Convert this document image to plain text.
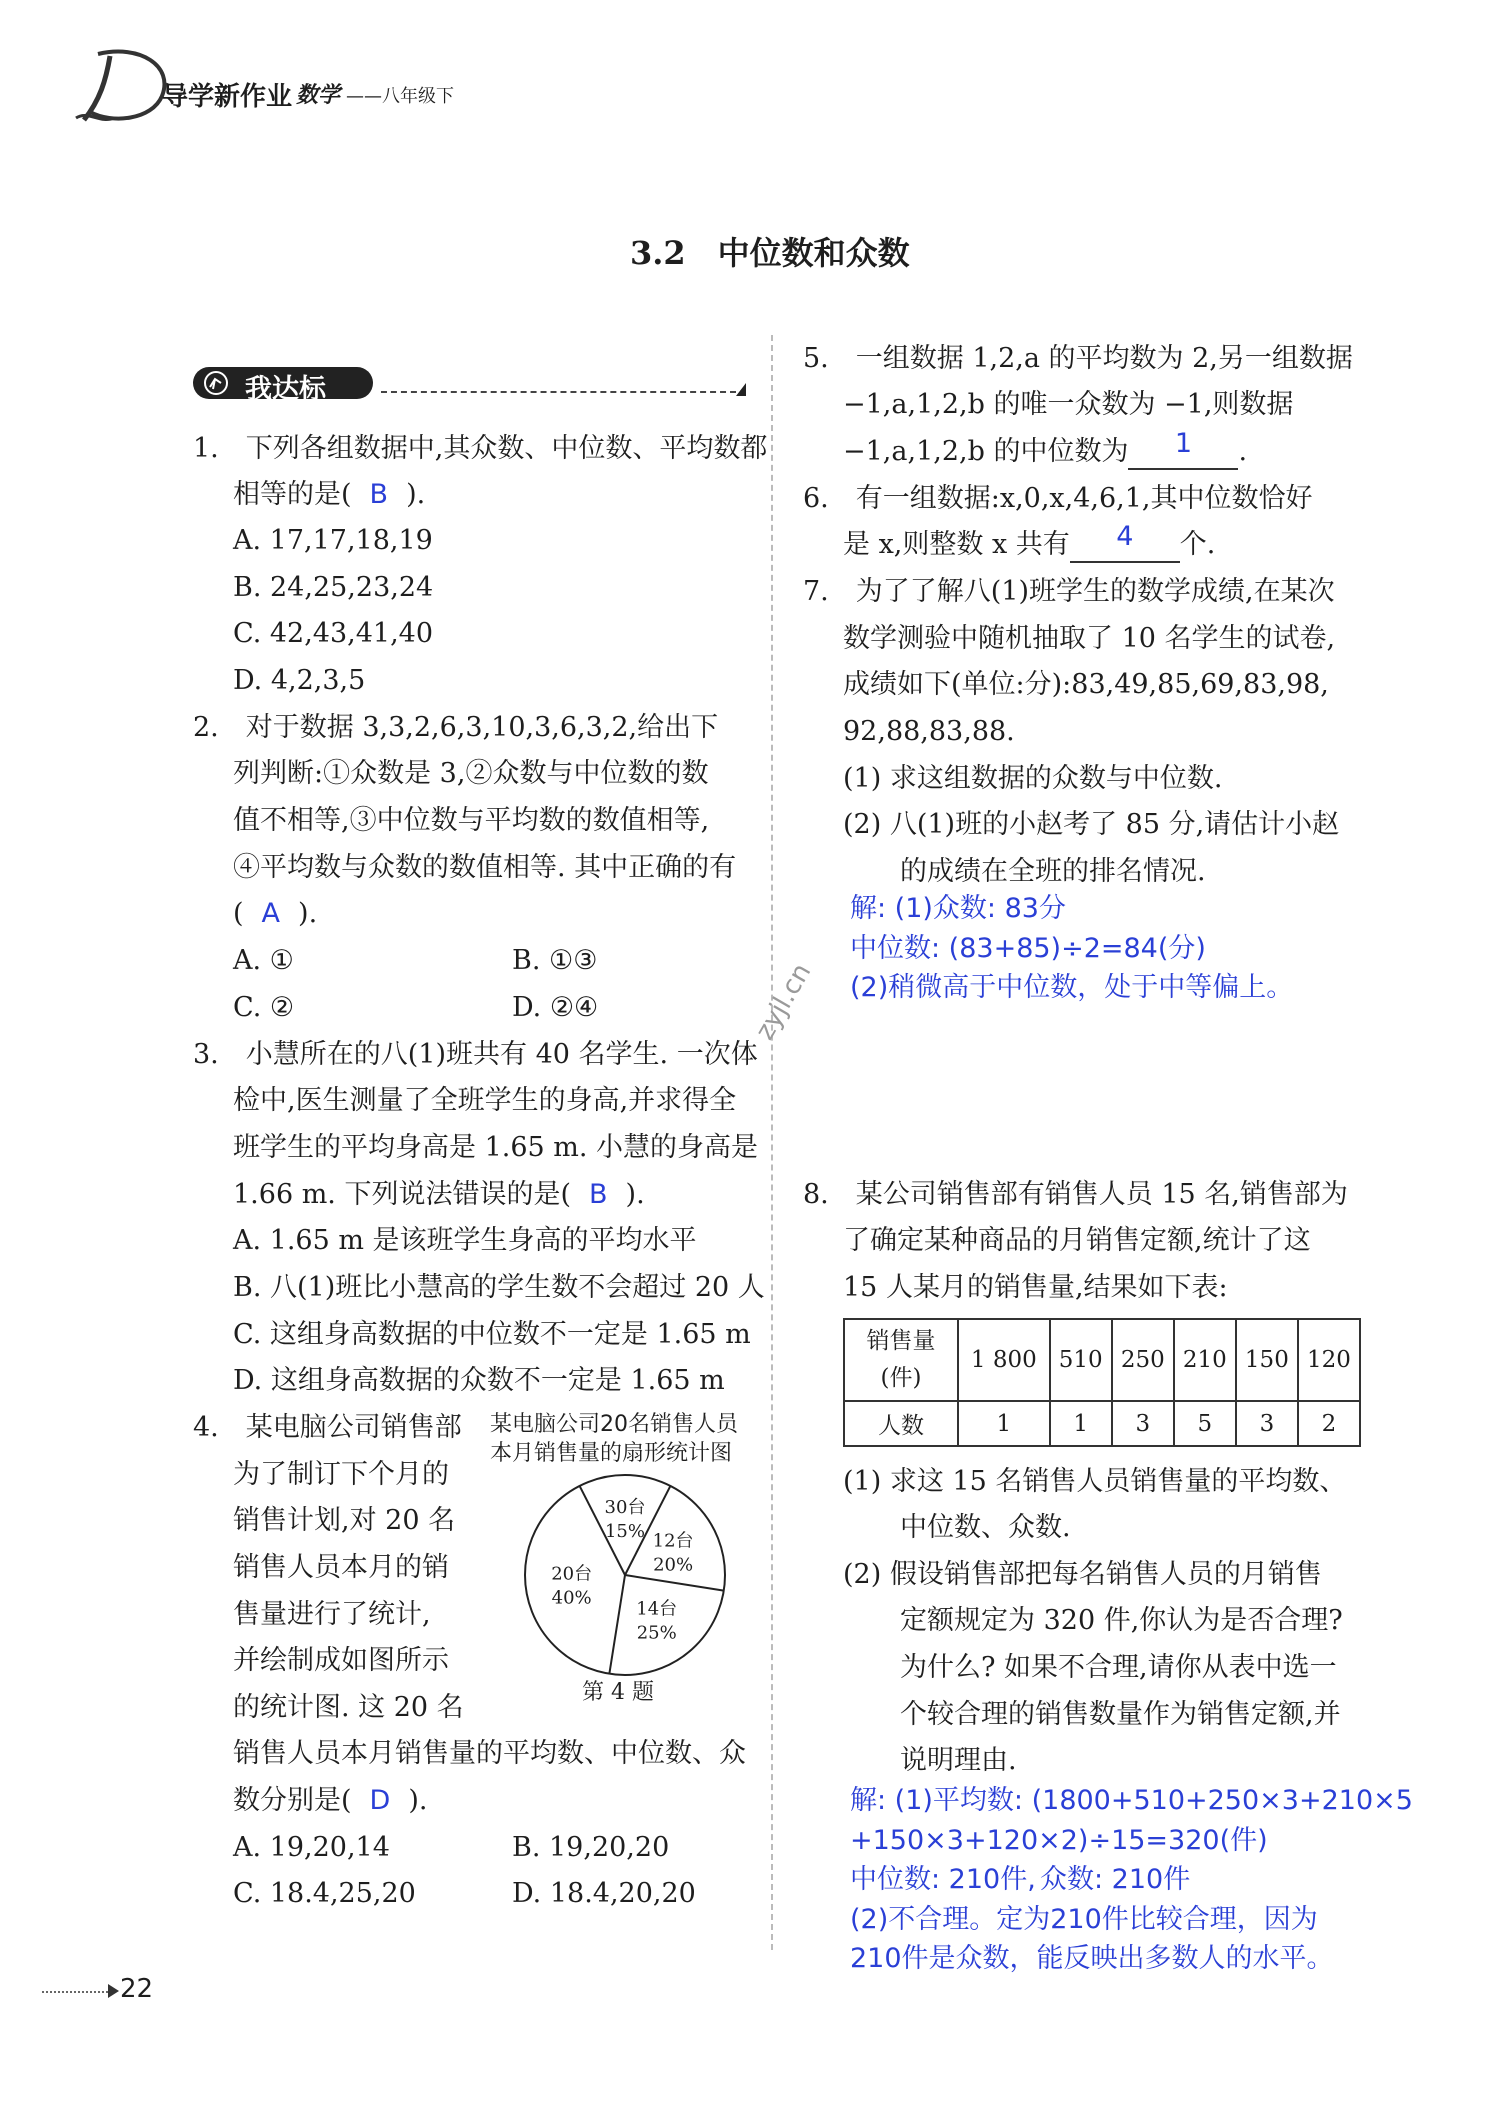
导学新作业 数学 ——八年级下
3.2　中位数和众数
我达标
1.　下列各组数据中,其众数、中位数、平均数都
相等的是( B ).
A. 17,17,18,19
B. 24,25,23,24
C. 42,43,41,40
D. 4,2,3,5
2.　对于数据 3,3,2,6,3,10,3,6,3,2,给出下
列判断:①众数是 3,②众数与中位数的数
值不相等,③中位数与平均数的数值相等,
④平均数与众数的数值相等. 其中正确的有
( A ).
A. ①	B. ①③
C. ②	D. ②④
3.　小慧所在的八(1)班共有 40 名学生. 一次体
检中,医生测量了全班学生的身高,并求得全
班学生的平均身高是 1.65 m. 小慧的身高是
1.66 m. 下列说法错误的是( B ).
A. 1.65 m 是该班学生身高的平均水平
B. 八(1)班比小慧高的学生数不会超过 20 人
C. 这组身高数据的中位数不一定是 1.65 m
D. 这组身高数据的众数不一定是 1.65 m
4.　某电脑公司销售部
为了制订下个月的
销售计划,对 20 名
销售人员本月的销
售量进行了统计,
并绘制成如图所示
的统计图. 这 20 名
销售人员本月销售量的平均数、中位数、众
数分别是( D ).
A. 19,20,14	B. 19,20,20
C. 18.4,25,20	D. 18.4,20,20
某电脑公司20名销售人员
本月销售量的扇形统计图
30台
15% 12台
20%
14台
25%
20台
40%
第 4 题
22
zyjl.cn
5.　一组数据 1,2,a 的平均数为 2,另一组数据
−1,a,1,2,b 的唯一众数为 −1,则数据
−1,a,1,2,b 的中位数为 1 .
6.　有一组数据:x,0,x,4,6,1,其中位数恰好
是 x,则整数 x 共有 4 个.
7.　为了了解八(1)班学生的数学成绩,在某次
数学测验中随机抽取了 10 名学生的试卷,
成绩如下(单位:分):83,49,85,69,83,98,
92,88,83,88.
(1) 求这组数据的众数与中位数.
(2) 八(1)班的小赵考了 85 分,请估计小赵
的成绩在全班的排名情况.
解: (1)众数: 83分
中位数: (83+85)÷2=84(分)
(2)稍微高于中位数，处于中等偏上。
8.　某公司销售部有销售人员 15 名,销售部为
了确定某种商品的月销售定额,统计了这
15 人某月的销售量,结果如下表:
销售量
(件)	1 800	510	250	210	150	120
人数	1	1	3	5	3	2
(1) 求这 15 名销售人员销售量的平均数、
中位数、众数.
(2) 假设销售部把每名销售人员的月销售
定额规定为 320 件,你认为是否合理?
为什么? 如果不合理,请你从表中选一
个较合理的销售数量作为销售定额,并
说明理由.
解: (1)平均数: (1800+510+250×3+210×5
+150×3+120×2)÷15=320(件)
中位数: 210件, 众数: 210件
(2)不合理。定为210件比较合理，因为
210件是众数，能反映出多数人的水平。
